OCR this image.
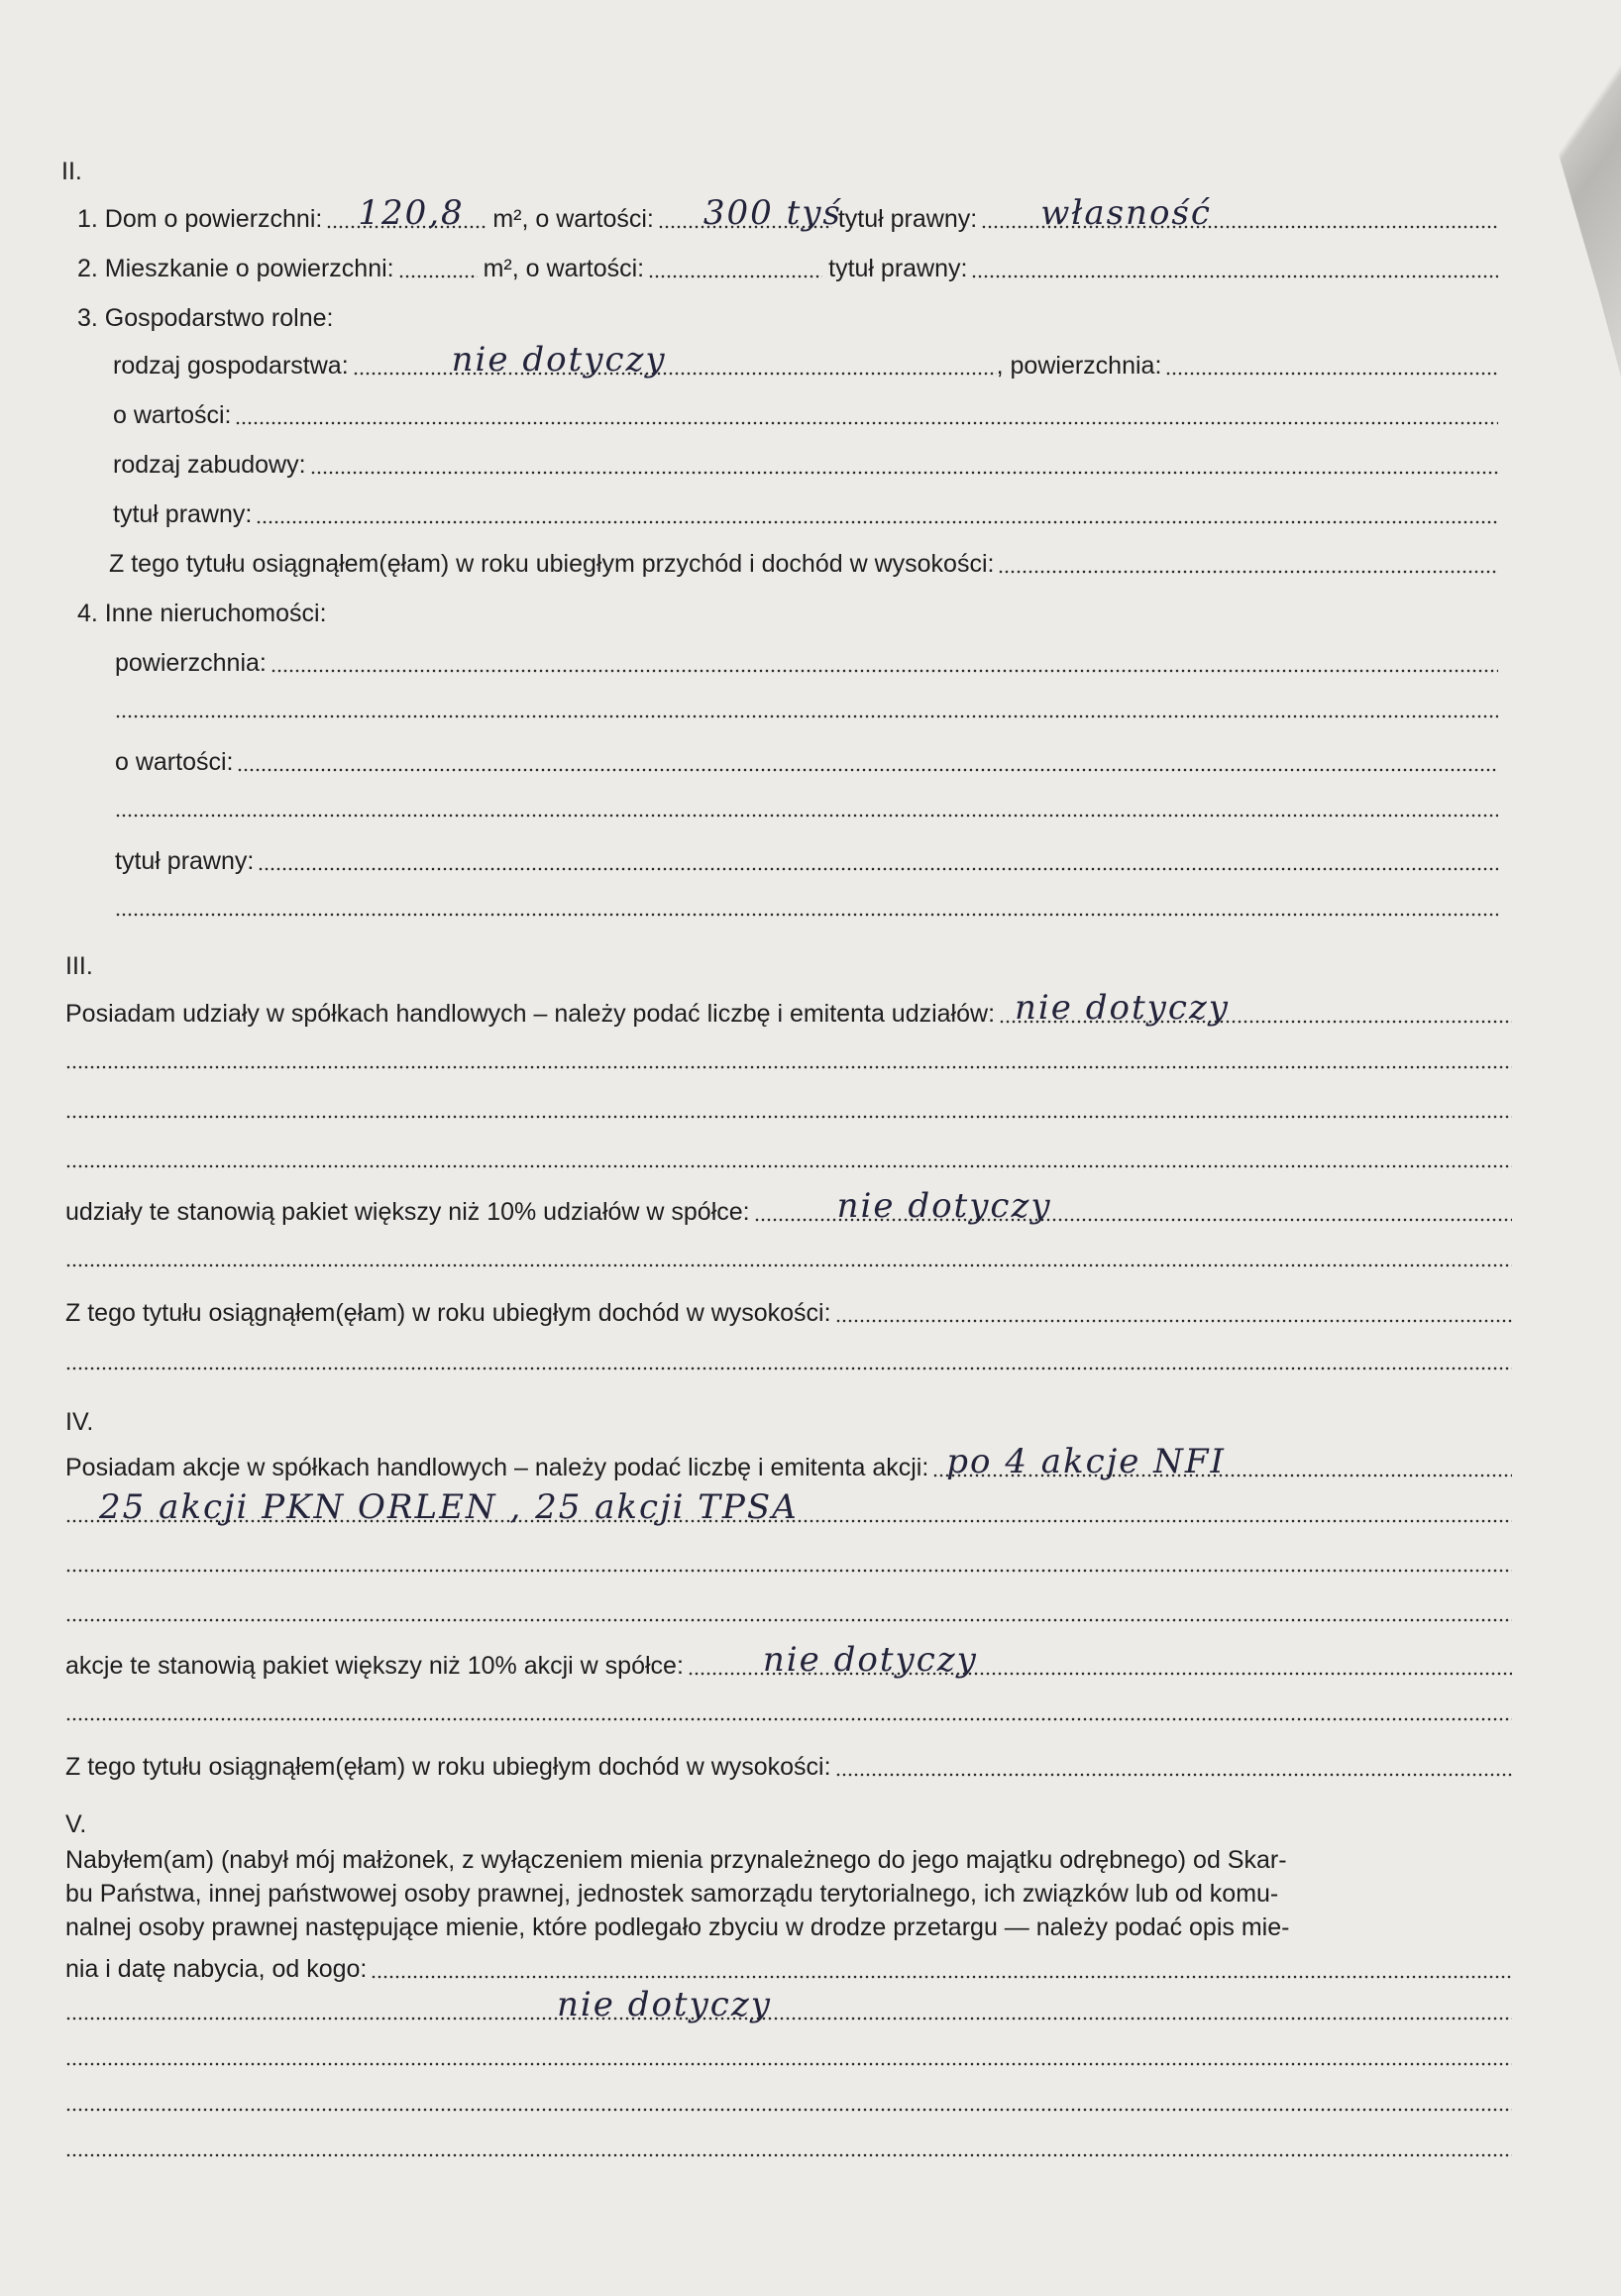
II.
1. Dom o powierzchni: 120,8 m², o wartości: 300 tyś
tytuł prawny: własność
2. Mieszkanie o powierzchni:	m², o wartości:	tytuł prawny:
3. Gospodarstwo rolne:
rodzaj gospodarstwa:	nie dotyczy	, powierzchnia:
o wartości:
rodzaj zabudowy:
tytuł prawny:
Z tego tytułu osiągnąłem(ęłam) w roku ubiegłym przychód i dochód w wysokości:
4. Inne nieruchomości:
powierzchnia:
o wartości:
tytuł prawny:
III.
Posiadam udziały w spółkach handlowych – należy podać liczbę i emitenta udziałów: nie dotyczy
udziały te stanowią pakiet większy niż 10% udziałów w spółce:	nie dotyczy
Z tego tytułu osiągnąłem(ęłam) w roku ubiegłym dochód w wysokości:
IV.
Posiadam akcje w spółkach handlowych – należy podać liczbę i emitenta akcji: po 4 akcje NFI
25 akcji PKN ORLEN , 25 akcji TPSA
akcje te stanowią pakiet większy niż 10% akcji w spółce: nie dotyczy
Z tego tytułu osiągnąłem(ęłam) w roku ubiegłym dochód w wysokości:
V.
Nabyłem(am) (nabył mój małżonek, z wyłączeniem mienia przynależnego do jego majątku odrębnego) od Skar-
bu Państwa, innej państwowej osoby prawnej, jednostek samorządu terytorialnego, ich związków lub od komu-
nalnej osoby prawnej następujące mienie, które podlegało zbyciu w drodze przetargu — należy podać opis mie-
nia i datę nabycia, od kogo:
nie dotyczy
